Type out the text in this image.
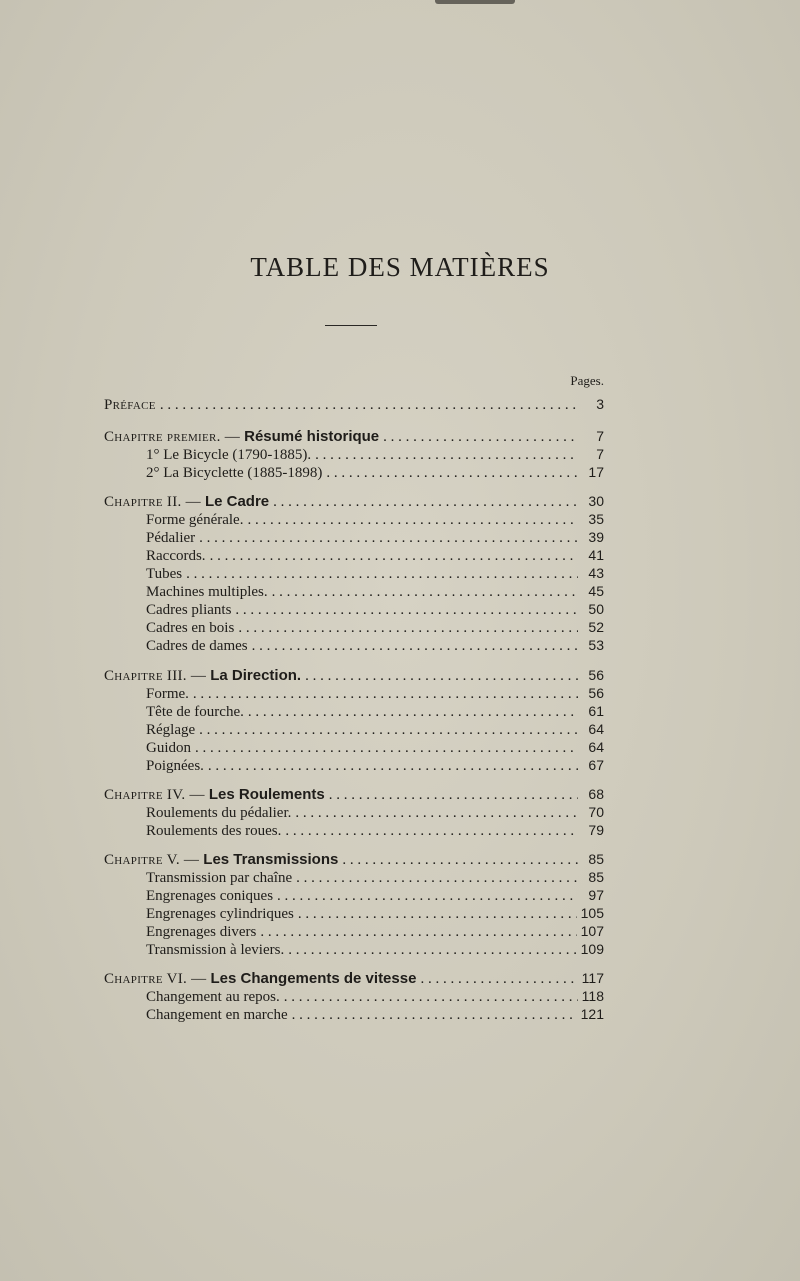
TABLE DES MATIÈRES
Pages.
Préface . . .	3
Chapitre premier. — Résumé historique . . .	7
1° Le Bicycle (1790-1885). . . .	7
2° La Bicyclette (1885-1898) . . .	17
Chapitre II. — Le Cadre . . .	30
Forme générale. . . .	35
Pédalier . . .	39
Raccords. . . .	41
Tubes . . .	43
Machines multiples. . . .	45
Cadres pliants . . .	50
Cadres en bois . . .	52
Cadres de dames . . .	53
Chapitre III. — La Direction. . . .	56
Forme. . . .	56
Tête de fourche. . . .	61
Réglage . . .	64
Guidon . . .	64
Poignées. . . .	67
Chapitre IV. — Les Roulements . . .	68
Roulements du pédalier. . . .	70
Roulements des roues. . . .	79
Chapitre V. — Les Transmissions . . .	85
Transmission par chaîne . . .	85
Engrenages coniques . . .	97
Engrenages cylindriques . . .	105
Engrenages divers . . .	107
Transmission à leviers. . . .	109
Chapitre VI. — Les Changements de vitesse . . .	117
Changement au repos. . . .	118
Changement en marche . . .	121
